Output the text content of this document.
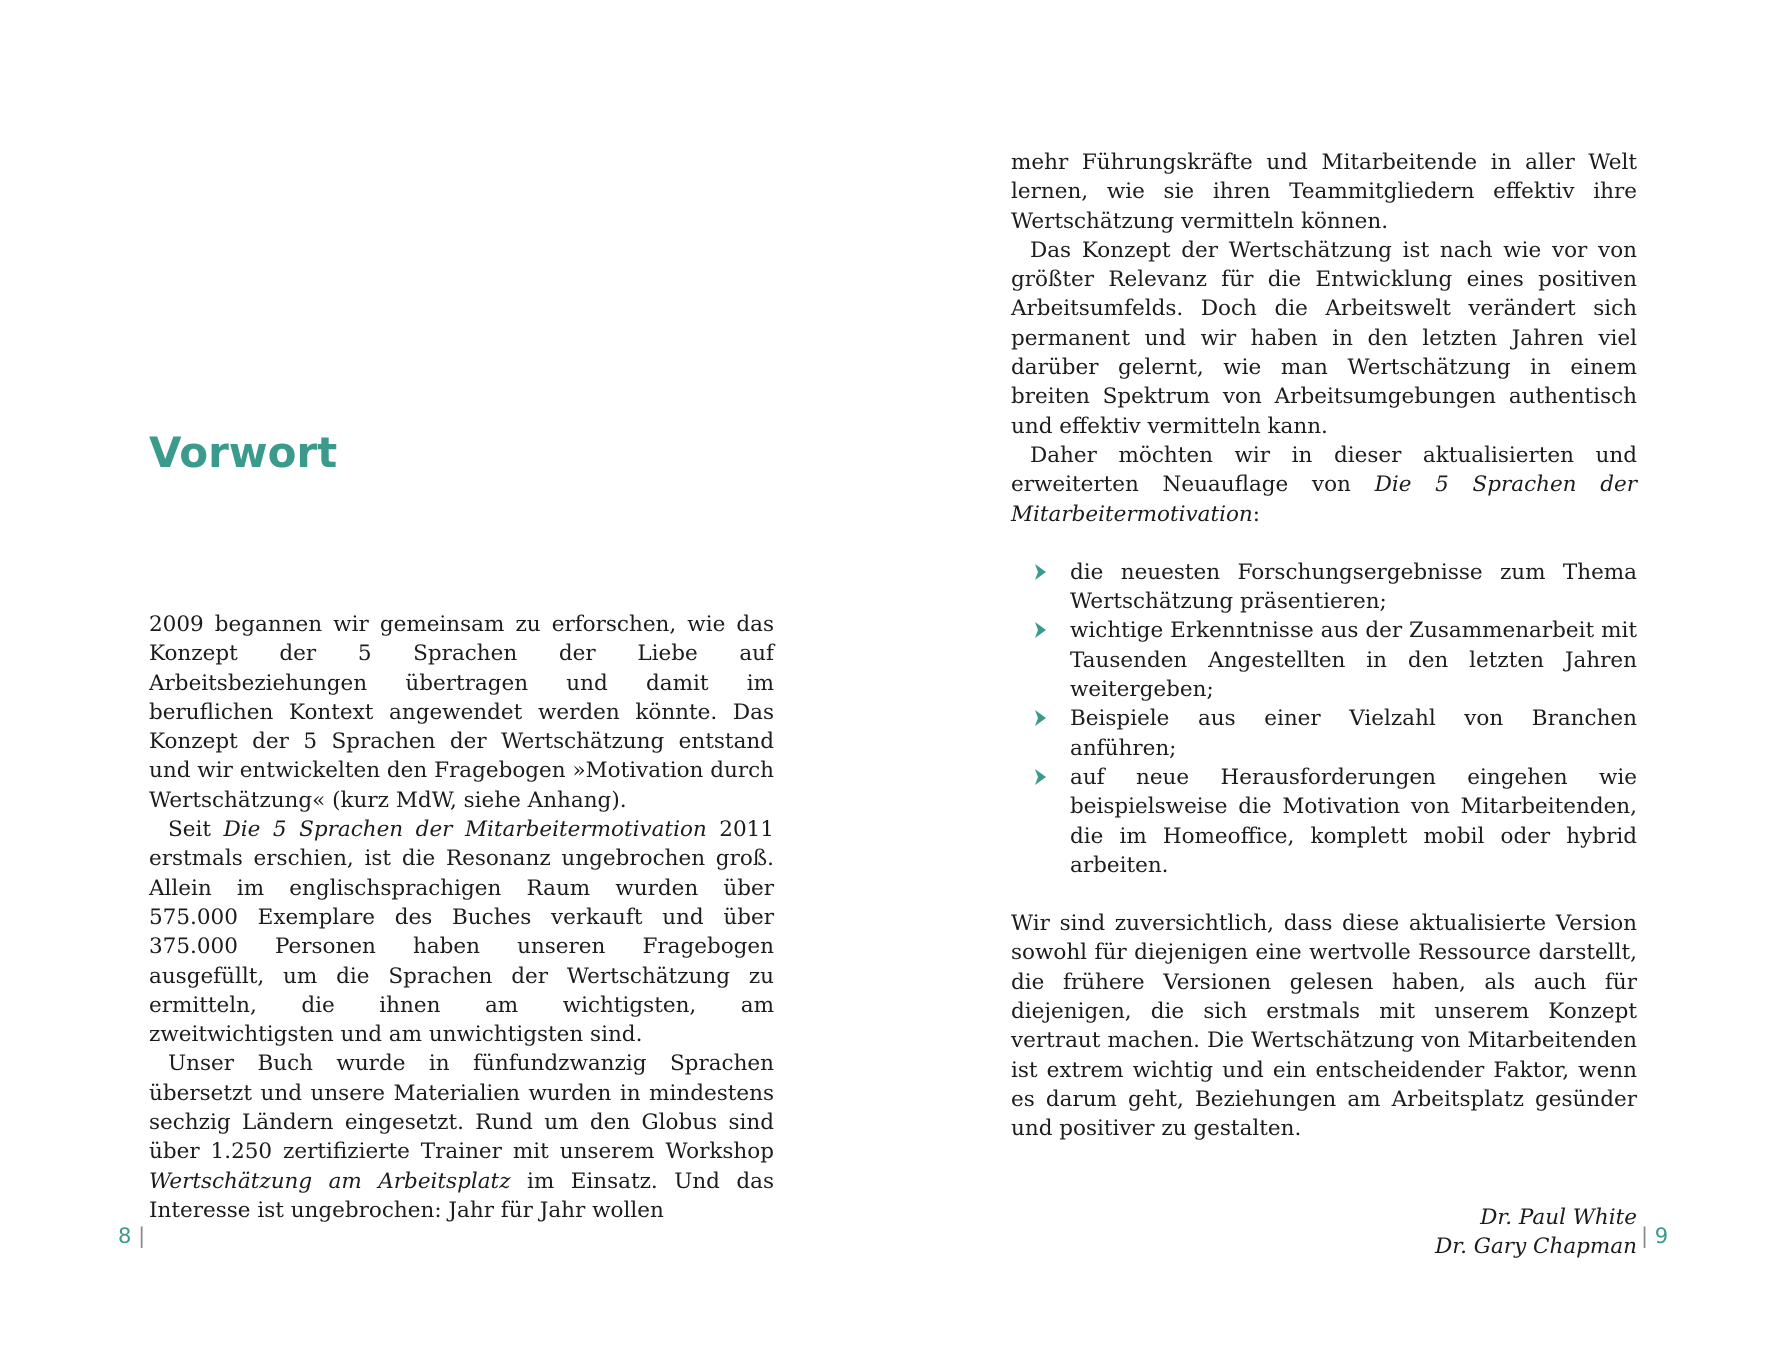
Vorwort

2009 begannen wir gemeinsam zu erforschen, wie das Konzept der 5 Sprachen der Liebe auf Arbeitsbeziehungen übertragen und damit im beruflichen Kontext angewendet werden könnte. Das Konzept der 5 Sprachen der Wertschätzung entstand und wir entwickelten den Fragebogen »Motivation durch Wertschätzung« (kurz MdW, siehe Anhang).

Seit Die 5 Sprachen der Mitarbeitermotivation 2011 erstmals erschien, ist die Resonanz ungebrochen groß. Allein im englischsprachigen Raum wurden über 575.000 Exemplare des Buches verkauft und über 375.000 Personen haben unseren Fragebogen ausgefüllt, um die Sprachen der Wertschätzung zu ermitteln, die ihnen am wichtigsten, am zweitwichtigsten und am unwichtigsten sind.

Unser Buch wurde in fünfundzwanzig Sprachen übersetzt und unsere Materialien wurden in mindestens sechzig Ländern eingesetzt. Rund um den Globus sind über 1.250 zertifizierte Trainer mit unserem Workshop Wertschätzung am Arbeitsplatz im Einsatz. Und das Interesse ist ungebrochen: Jahr für Jahr wollen

8 |

mehr Führungskräfte und Mitarbeitende in aller Welt lernen, wie sie ihren Teammitgliedern effektiv ihre Wertschätzung vermitteln können.

Das Konzept der Wertschätzung ist nach wie vor von größter Relevanz für die Entwicklung eines positiven Arbeitsumfelds. Doch die Arbeitswelt verändert sich permanent und wir haben in den letzten Jahren viel darüber gelernt, wie man Wertschätzung in einem breiten Spektrum von Arbeitsumgebungen authentisch und effektiv vermitteln kann.

Daher möchten wir in dieser aktualisierten und erweiterten Neuauflage von Die 5 Sprachen der Mitarbeitermotivation:

die neuesten Forschungsergebnisse zum Thema Wertschätzung präsentieren;
wichtige Erkenntnisse aus der Zusammenarbeit mit Tausenden Angestellten in den letzten Jahren weitergeben;
Beispiele aus einer Vielzahl von Branchen anführen;
auf neue Herausforderungen eingehen wie beispielsweise die Motivation von Mitarbeitenden, die im Homeoffice, komplett mobil oder hybrid arbeiten.

Wir sind zuversichtlich, dass diese aktualisierte Version sowohl für diejenigen eine wertvolle Ressource darstellt, die frühere Versionen gelesen haben, als auch für diejenigen, die sich erstmals mit unserem Konzept vertraut machen. Die Wertschätzung von Mitarbeitenden ist extrem wichtig und ein entscheidender Faktor, wenn es darum geht, Beziehungen am Arbeitsplatz gesünder und positiver zu gestalten.

Dr. Paul White
Dr. Gary Chapman | 9
